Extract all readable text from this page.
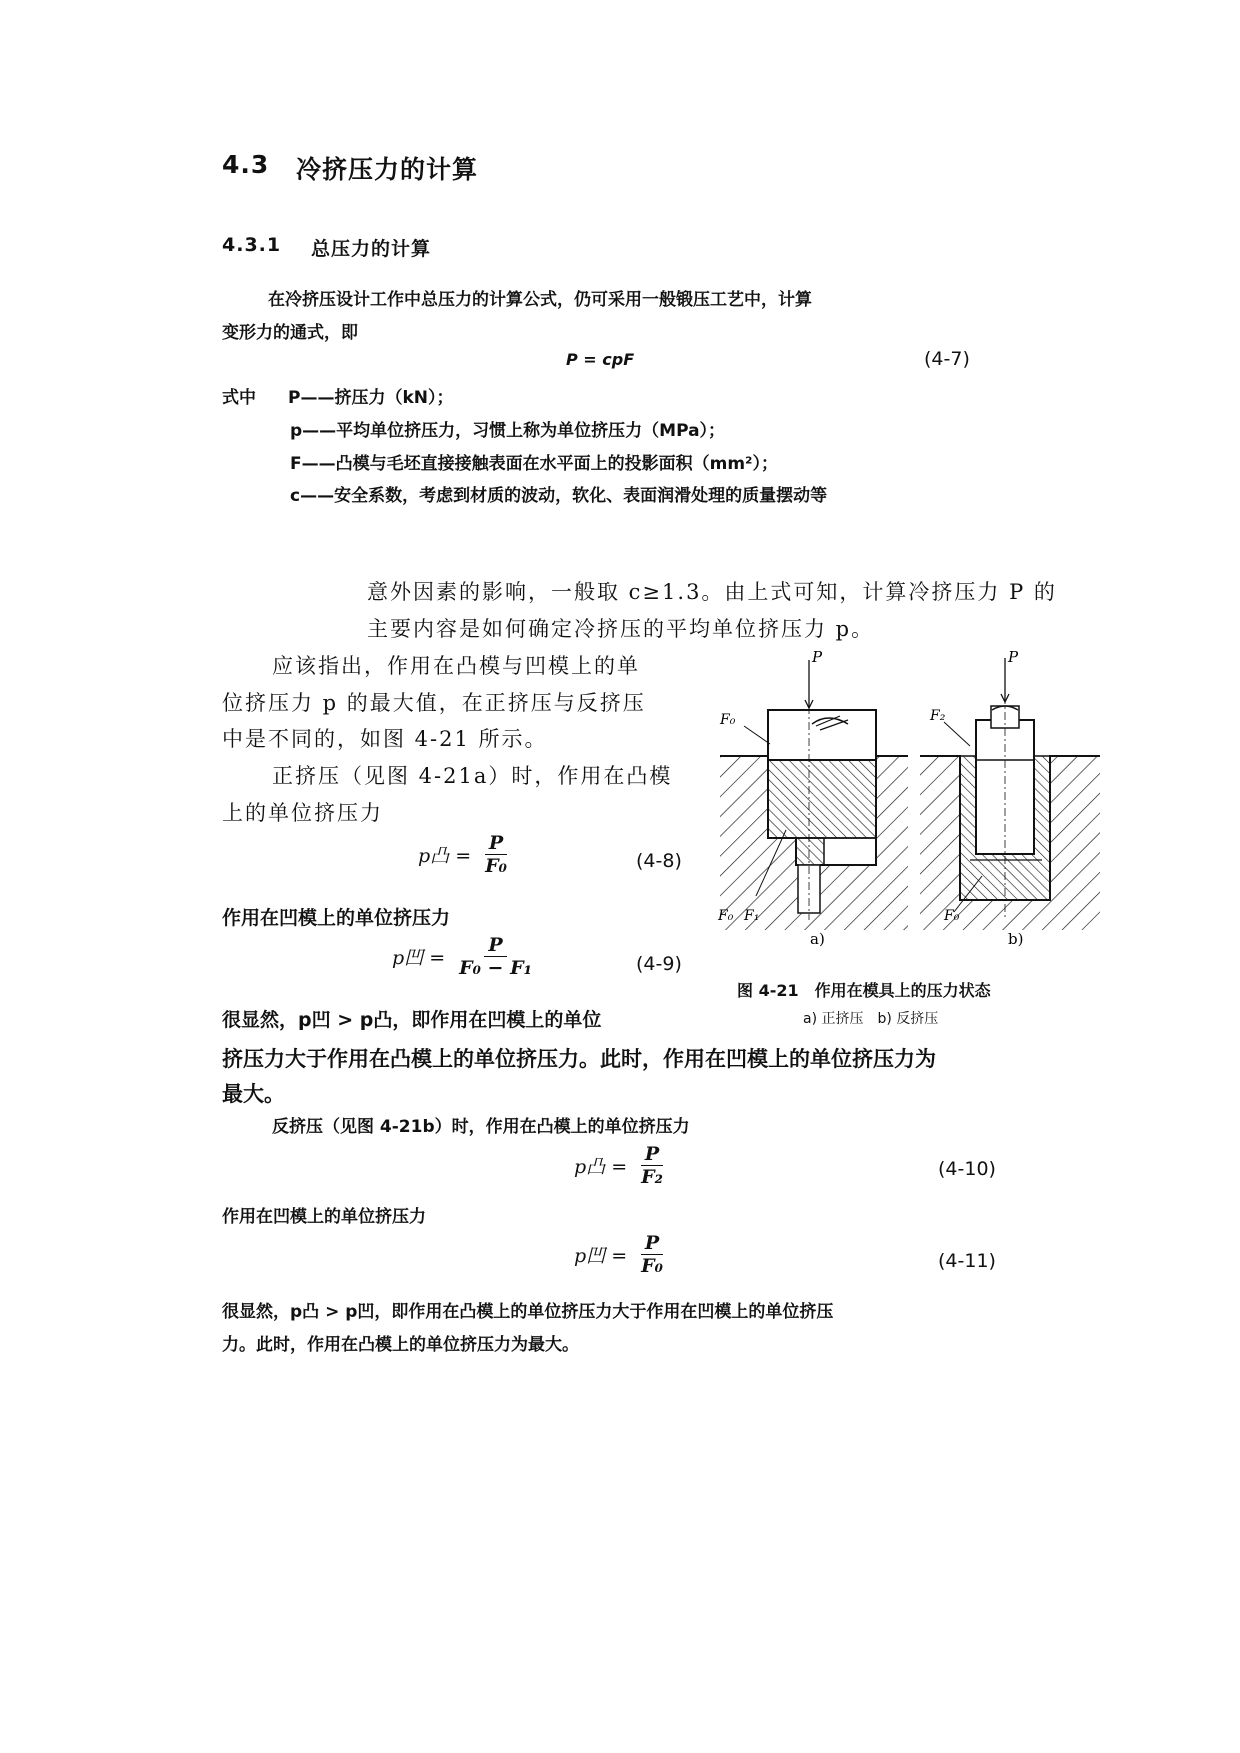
4.3 冷挤压力的计算
4.3.1 总压力的计算
在冷挤压设计工作中总压力的计算公式，仍可采用一般锻压工艺中，计算
变形力的通式，即
P = cpF	(4-7)
式中 P——挤压力（kN）；
p——平均单位挤压力，习惯上称为单位挤压力（MPa）；
F——凸模与毛坯直接接触表面在水平面上的投影面积（mm²）；
c——安全系数，考虑到材质的波动，软化、表面润滑处理的质量摆动等
意外因素的影响，一般取 c≥1.3。由上式可知，计算冷挤压力 P 的
主要内容是如何确定冷挤压的平均单位挤压力 p。
应该指出，作用在凸模与凹模上的单
位挤压力 p 的最大值，在正挤压与反挤压
中是不同的，如图 4-21 所示。
正挤压（见图 4-21a）时，作用在凸模
上的单位挤压力
p凸 = $\frac{P}{\text{F₀}}$	(4-8)
作用在凹模上的单位挤压力
p凹 = $\frac{P}{\text{F₀ − F₁}}$	(4-9)
很显然，p凹 > p凸，即作用在凹模上的单位
P
F₀
F₀ F₁
a)
P
F₂
F₀
b)
图 4-21　作用在模具上的压力状态
a) 正挤压　b) 反挤压
挤压力大于作用在凸模上的单位挤压力。此时，作用在凹模上的单位挤压力为
最大。
反挤压（见图 4-21b）时，作用在凸模上的单位挤压力
p凸 = $\frac{P}{\text{F₂}}$	(4-10)
作用在凹模上的单位挤压力
p凹 = $\frac{P}{\text{F₀}}$	(4-11)
很显然，p凸 > p凹，即作用在凸模上的单位挤压力大于作用在凹模上的单位挤压
力。此时，作用在凸模上的单位挤压力为最大。
